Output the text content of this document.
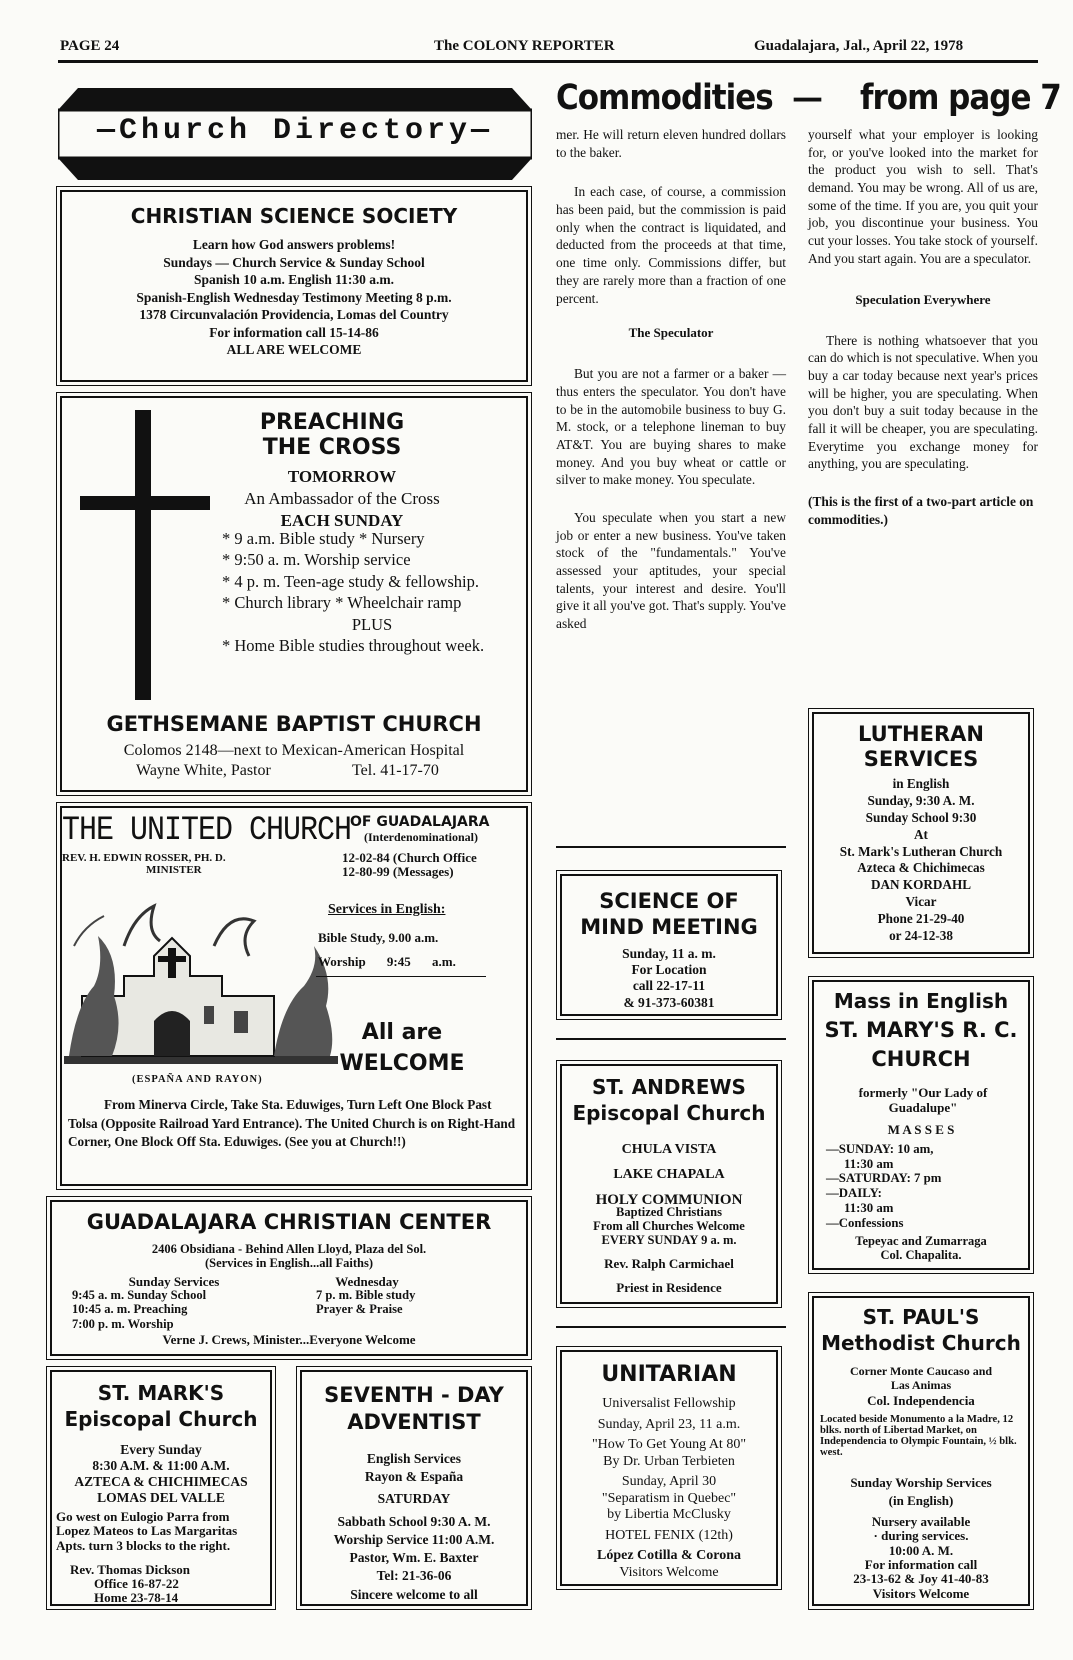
PAGE 24	The COLONY REPORTER	Guadalajara, Jal., April 22, 1978
—Church Directory—
CHRISTIAN SCIENCE SOCIETY
Learn how God answers problems!
Sundays — Church Service & Sunday School
Spanish 10 a.m. English 11:30 a.m.
Spanish-English Wednesday Testimony Meeting 8 p.m.
1378 Circunvalación Providencia, Lomas del Country
For information call 15-14-86
ALL ARE WELCOME
PREACHING
THE CROSS
TOMORROW
An Ambassador of the Cross
EACH SUNDAY
* 9 a.m. Bible study * Nursery
* 9:50 a. m. Worship service
* 4 p. m. Teen-age study & fellowship.
* Church library * Wheelchair ramp
PLUS
* Home Bible studies throughout week.
GETHSEMANE BAPTIST CHURCH
Colomos 2148—next to Mexican-American Hospital
Wayne White, Pastor	Tel. 41-17-70
THE UNITED CHURCH
OF GUADALAJARA
(Interdenominational)
REV. H. EDWIN ROSSER, PH. D.
MINISTER
12-02-84 (Church Office
12-80-99 (Messages)
Services in English:
Bible Study, 9.00 a.m.
Worship 9:45 a.m.
All are
WELCOME
(ESPAÑA AND RAYON)
From Minerva Circle, Take Sta. Eduwiges, Turn Left One Block Past Tolsa (Opposite Railroad Yard Entrance). The United Church is on Right-Hand Corner, One Block Off Sta. Eduwiges. (See you at Church!!)
GUADALAJARA CHRISTIAN CENTER
2406 Obsidiana - Behind Allen Lloyd, Plaza del Sol.
(Services in English...all Faiths)
Sunday Services
9:45 a. m. Sunday School
10:45 a. m. Preaching
7:00 p. m. Worship
Wednesday
7 p. m. Bible study
Prayer & Praise
Verne J. Crews, Minister...Everyone Welcome
ST. MARK'S
Episcopal Church
Every Sunday
8:30 A.M. & 11:00 A.M.
AZTECA & CHICHIMECAS
LOMAS DEL VALLE
Go west on Eulogio Parra from Lopez Mateos to Las Margaritas Apts. turn 3 blocks to the right.
Rev. Thomas Dickson
Office 16-87-22
Home 23-78-14
SEVENTH - DAY
ADVENTIST
English Services
Rayon & España
SATURDAY
Sabbath School 9:30 A. M.
Worship Service 11:00 A.M.
Pastor, Wm. E. Baxter
Tel: 21-36-06
Sincere welcome to all
Commodities — from page 7

mer. He will return eleven hundred dollars to the baker.

In each case, of course, a commission has been paid, but the commission is paid only when the contract is liquidated, and deducted from the proceeds at that time, one time only. Commissions differ, but they are rarely more than a fraction of one percent.

The Speculator

But you are not a farmer or a baker —thus enters the speculator. You don't have to be in the automobile business to buy G. M. stock, or a telephone lineman to buy AT&T. You are buying shares to make money. And you buy wheat or cattle or silver to make money. You speculate.

You speculate when you start a new job or enter a new business. You've taken stock of the "fundamentals." You've assessed your aptitudes, your special talents, your interest and desire. You'll give it all you've got. That's supply. You've asked

yourself what your employer is looking for, or you've looked into the market for the product you wish to sell. That's demand. You may be wrong. All of us are, some of the time. If you are, you quit your job, you discontinue your business. You cut your losses. You take stock of yourself. And you start again. You are a speculator.

Speculation Everywhere

There is nothing whatsoever that you can do which is not speculative. When you buy a car today because next year's prices will be higher, you are speculating. When you don't buy a suit today because in the fall it will be cheaper, you are speculating. Everytime you exchange money for anything, you are speculating.

(This is the first of a two-part article on commodities.)
SCIENCE OF
MIND MEETING
Sunday, 11 a. m.
For Location
call 22-17-11
& 91-373-60381
ST. ANDREWS
Episcopal Church
CHULA VISTA
LAKE CHAPALA
HOLY COMMUNION
Baptized Christians
From all Churches Welcome
EVERY SUNDAY 9 a. m.
Rev. Ralph Carmichael
Priest in Residence
UNITARIAN
Universalist Fellowship
Sunday, April 23, 11 a.m.
"How To Get Young At 80"
By Dr. Urban Terbieten
Sunday, April 30
"Separatism in Quebec"
by Libertia McClusky
HOTEL FENIX (12th)
López Cotilla & Corona
Visitors Welcome
LUTHERAN
SERVICES
in English
Sunday, 9:30 A. M.
Sunday School 9:30
At
St. Mark's Lutheran Church
Azteca & Chichimecas
DAN KORDAHL
Vicar
Phone 21-29-40
or 24-12-38
Mass in English
ST. MARY'S R. C.
CHURCH
formerly "Our Lady of Guadalupe"
M A S S E S
—SUNDAY: 10 am,
11:30 am
—SATURDAY: 7 pm
—DAILY:
11:30 am
—Confessions
Tepeyac and Zumarraga
Col. Chapalita.
ST. PAUL'S
Methodist Church
Corner Monte Caucaso and
Las Animas
Col. Independencia
Located beside Monumento a la Madre, 12 blks. north of Libertad Market, on Independencia to Olympic Fountain, ½ blk. west.
Sunday Worship Services
(in English)
Nursery available
· during services.
10:00 A. M.
For information call
23-13-62 & Joy 41-40-83
Visitors Welcome
